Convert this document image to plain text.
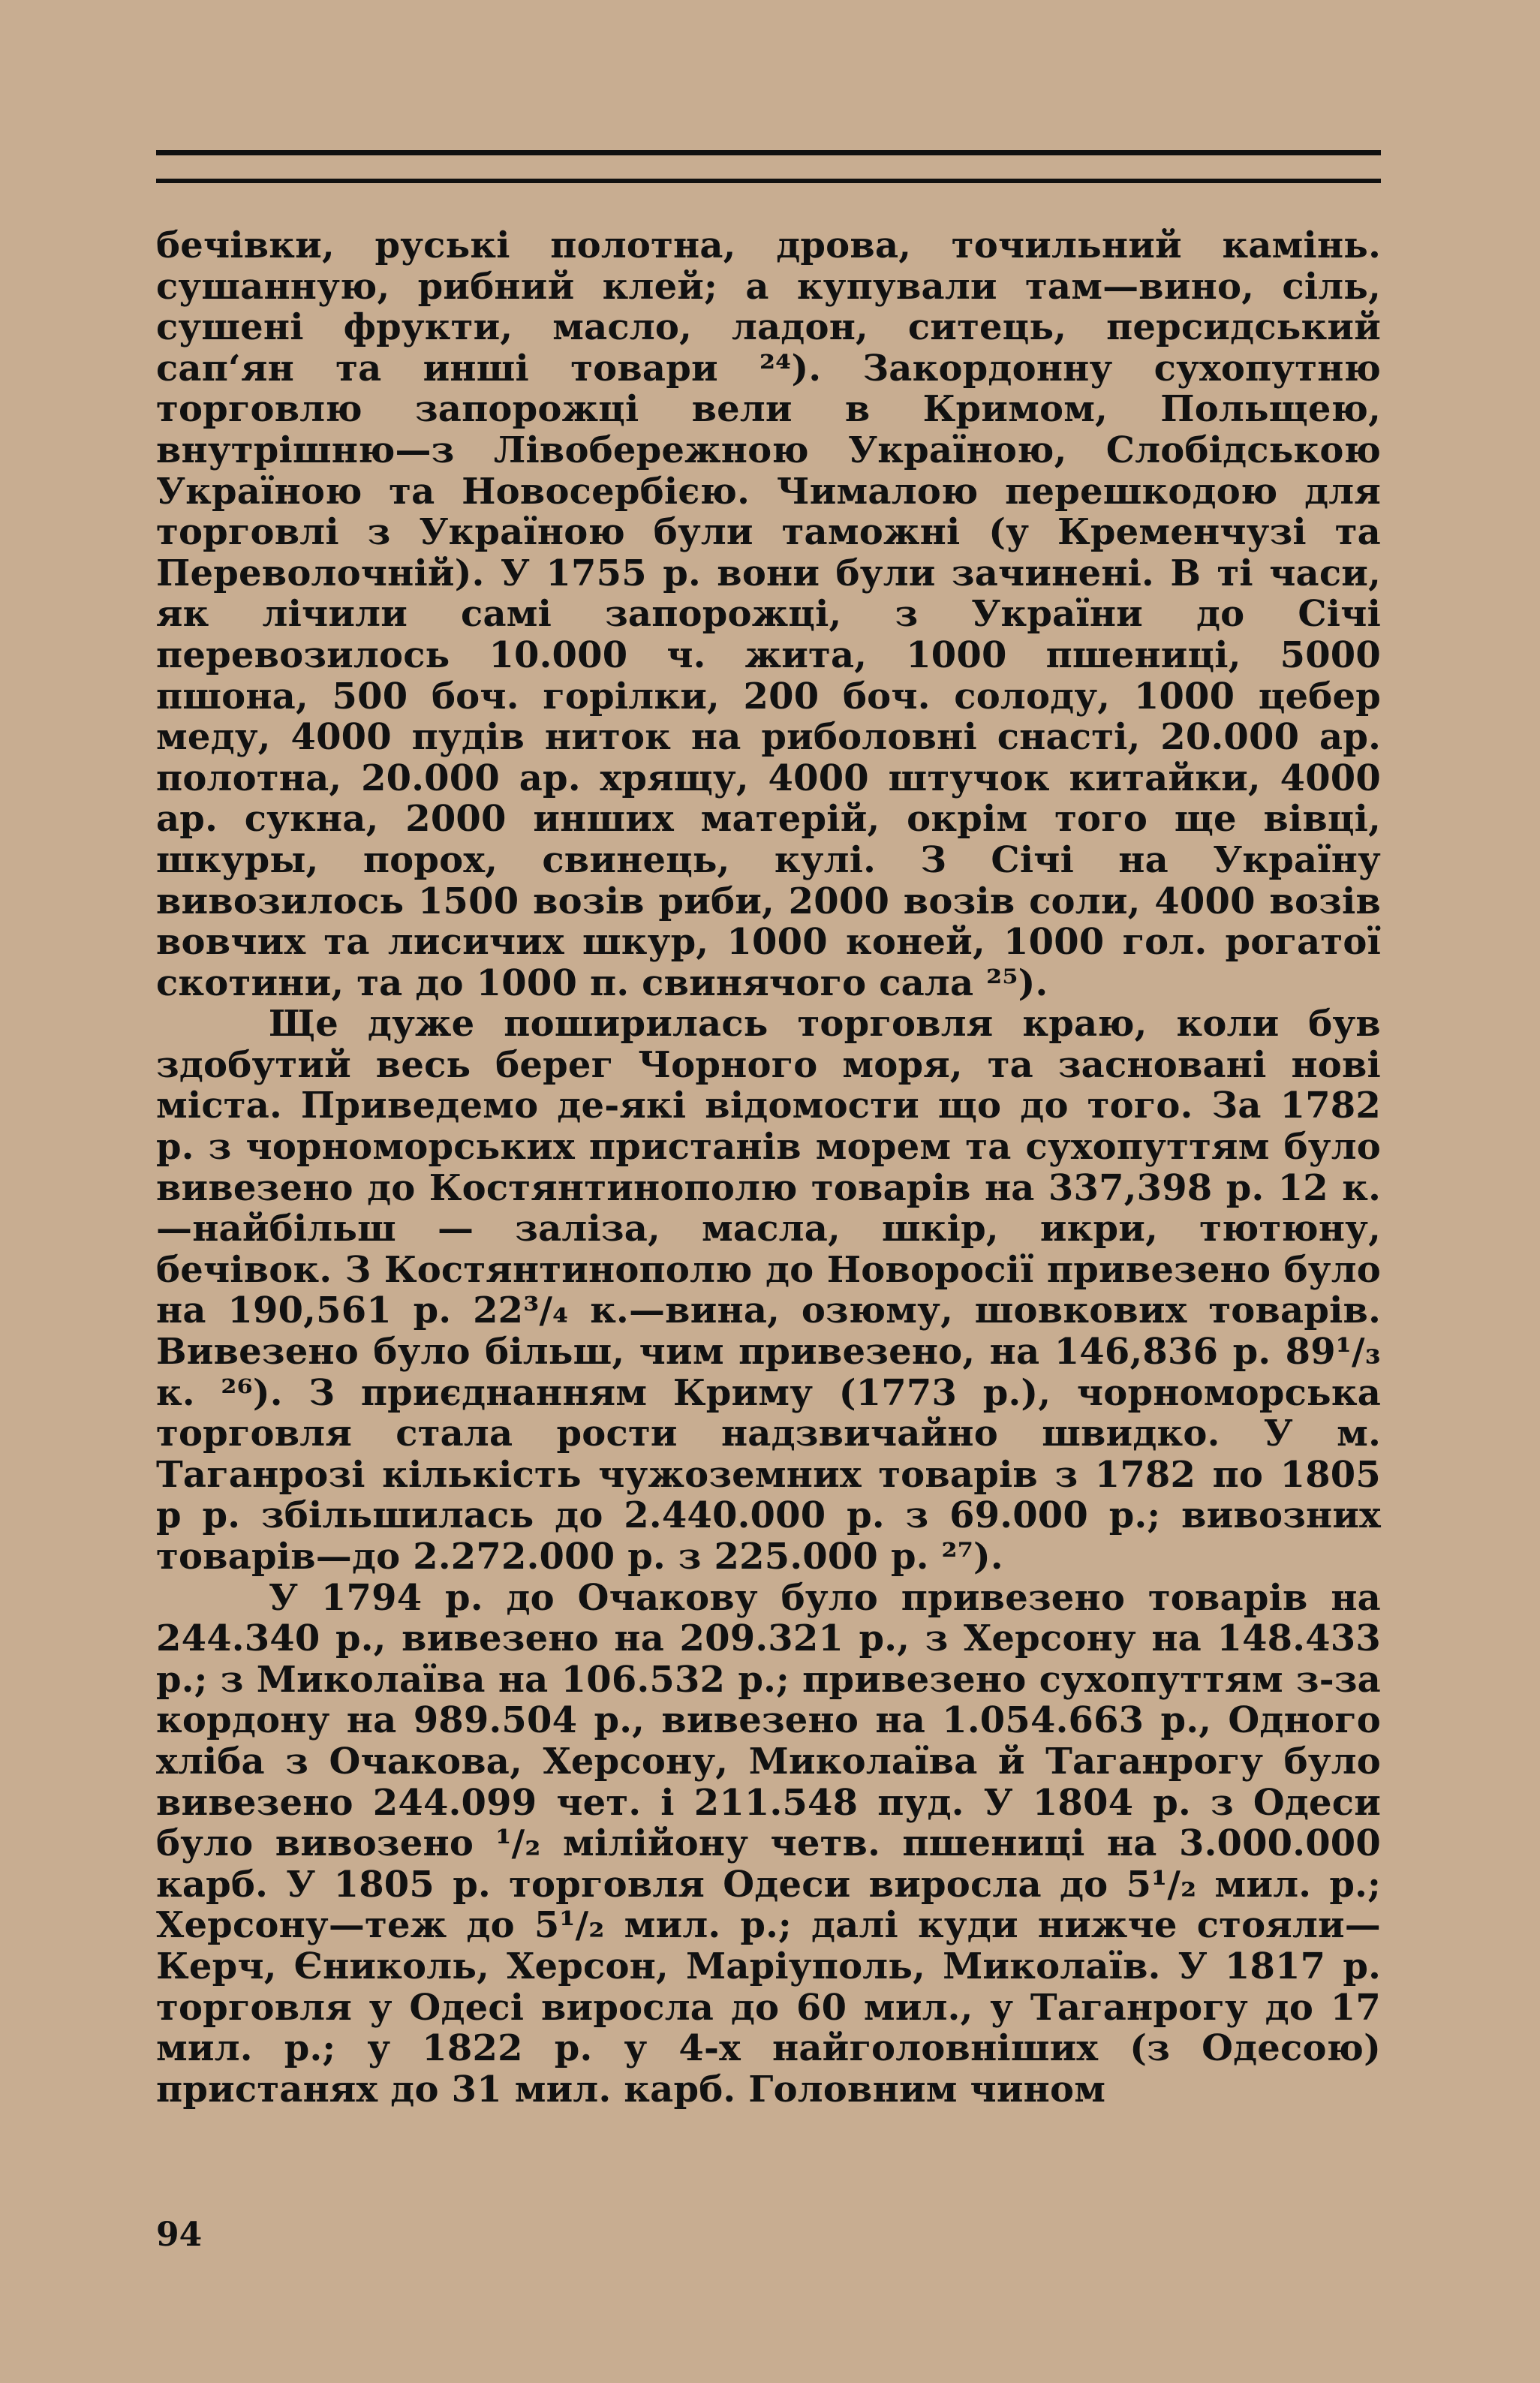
бечівки, руські полотна, дрова, точильний камінь. сушанную, рибний клей; а купували там—вино, сіль, сушені фрукти, масло, ладон, ситець, перcидський сап‘ян та инші товари ²⁴). Закордонну сухопутню торговлю запорожці вели в Кримом, Польщею, внутрішню—з Лівобережною Україною, Слобідською Україною та Новосербією. Чималою перешкодою для торговлі з Україною були таможні (у Кременчузі та Переволочній). У 1755 р. вони були зачинені. В ті часи, як лічили самі запорожці, з України до Січі перевозилось 10.000 ч. жита, 1000 пшениці, 5000 пшона, 500 боч. горілки, 200 боч. солоду, 1000 цебер меду, 4000 пудів ниток на риболовні снасті, 20.000 ар. полотна, 20.000 ар. хрящу, 4000 штучок китайки, 4000 ар. сукна, 2000 инших матерій, окрім того ще вівці, шкуры, порох, свинець, кулі. З Січі на Україну вивозилось 1500 возів риби, 2000 возів соли, 4000 возів вовчих та лисичих шкур, 1000 коней, 1000 гол. рогатої скотини, та до 1000 п. свинячого сала ²⁵).

Ще дуже поширилась торговля краю, коли був здобутий весь берег Чорного моря, та засновані нові міста. Приведемо де-які відомости що до того. За 1782 р. з чорноморських пристанів морем та сухопуттям було вивезено до Костянтинополю товарів на 337,398 р. 12 к.—найбільш — заліза, масла, шкір, икри, тютюну, бечівок. З Костянтинополю до Новоросії привезено було на 190,561 р. 22³/₄ к.—вина, озюму, шовкових товарів. Вивезено було більш, чим привезено, на 146,836 р. 89¹/₃ к. ²⁶). З приєднанням Криму (1773 р.), чорноморська торговля стала рости надзвичайно швидко. У м. Таганрозі кількість чужоземних товарів з 1782 по 1805 р р. збільшилась до 2.440.000 р. з 69.000 р.; вивозних товарів—до 2.272.000 р. з 225.000 р. ²⁷).

У 1794 р. до Очакову було привезено товарів на 244.340 р., вивезено на 209.321 р., з Херсону на 148.433 р.; з Миколаїва на 106.532 р.; привезено сухопуттям з-за кордону на 989.504 р., вивезено на 1.054.663 р., Одного хліба з Очакова, Херсону, Миколаїва й Таганрогу було вивезено 244.099 чет. і 211.548 пуд. У 1804 р. з Одеси було вивозено ¹/₂ мілійону четв. пшениці на 3.000.000 карб. У 1805 р. торговля Одеси виросла до 5¹/₂ мил. р.; Херсону—теж до 5¹/₂ мил. р.; далі куди нижче стояли—Керч, Єниколь, Херсон, Маріуполь, Миколаїв. У 1817 р. торговля у Одесі виросла до 60 мил., у Таганрогу до 17 мил. р.; у 1822 р. у 4-х найголовніших (з Одесою) пристанях до 31 мил. карб. Головним чином

94
